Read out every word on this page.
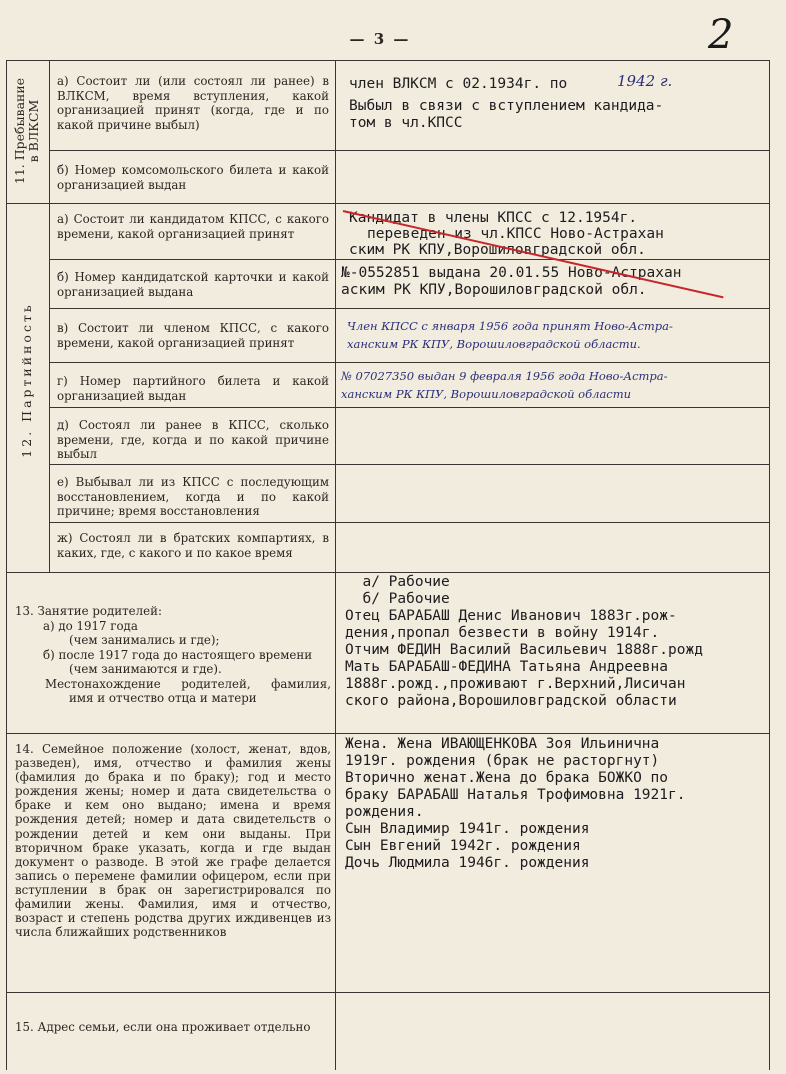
— 3 —	2
11. Пребывание в ВЛКСМ
а) Состоит ли (или состоял ли ранее) в ВЛКСМ, время вступления, какой организацией принят (когда, где и по какой причине выбыл)
член ВЛКСМ с 02.1934г. по	1942 г.
Выбыл в связи с вступлением кандида-
том в чл.КПСС
б) Номер комсомольского билета и какой организацией выдан
12. Партийность
а) Состоит ли кандидатом КПСС, с какого времени, какой организацией принят
Кандидат в члены КПСС с 12.1954г.
переведен из чл.КПСС Ново-Астрахан
ским РК КПУ,Ворошиловградской обл.
б) Номер кандидатской карточки и какой организацией выдана
№-0552851 выдана 20.01.55 Ново-Астрахан
аским РК КПУ,Ворошиловградской обл.
в) Состоит ли членом КПСС, с какого времени, какой организацией принят
Член КПСС с января 1956 года принят Ново-Астра-
ханским РК КПУ, Ворошиловградской области.
г) Номер партийного билета и какой организацией выдан
№ 07027350 выдан 9 февраля 1956 года Ново-Астра-
ханским РК КПУ, Ворошиловградской области
д) Состоял ли ранее в КПСС, сколько времени, где, когда и по какой причине выбыл
е) Выбывал ли из КПСС с последующим восстановлением, когда и по какой причине; время восстановления
ж) Состоял ли в братских компартиях, в каких, где, с какого и по какое время
13. Занятие родителей:
а) до 1917 года
(чем занимались и где);
б) после 1917 года до настоящего времени
(чем занимаются и где).
Местонахождение родителей, фамилия,
имя и отчество отца и матери
а/ Рабочие
б/ Рабочие
Отец БАРАБАШ Денис Иванович 1883г.рож-
дения,пропал безвести в войну 1914г.
Отчим ФЕДИН Василий Васильевич 1888г.рожд
Мать БАРАБАШ-ФЕДИНА Татьяна Андреевна
1888г.рожд.,проживают г.Верхний,Лисичан
ского района,Ворошиловградской области
14. Семейное положение (холост, женат, вдов, разведен), имя, отчество и фамилия жены (фамилия до брака и по браку); год и место рождения жены; номер и дата свидетельства о браке и кем оно выдано; имена и время рождения детей; номер и дата свидетельств о рождении детей и кем они выданы. При вторичном браке указать, когда и где выдан документ о разводе. В этой же графе делается запись о перемене фамилии офицером, если при вступлении в брак он зарегистрировался по фамилии жены. Фамилия, имя и отчество, возраст и степень родства других иждивенцев из числа ближайших родственников
Жена. Жена ИВАЮЩЕНКОВА Зоя Ильинична
1919г. рождения (брак не расторгнут)
Вторично женат.Жена до брака БОЖКО по
браку БАРАБАШ Наталья Трофимовна 1921г.
рождения.
Сын Владимир 1941г. рождения
Сын Евгений 1942г. рождения
Дочь Людмила 1946г. рождения
15. Адрес семьи, если она проживает отдельно
